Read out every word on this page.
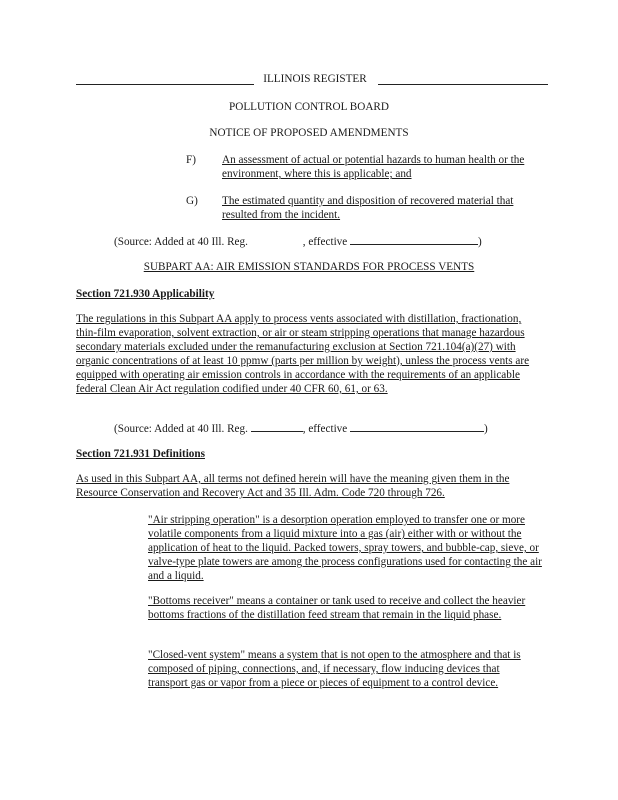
ILLINOIS REGISTER
POLLUTION CONTROL BOARD
NOTICE OF PROPOSED AMENDMENTS
F) An assessment of actual or potential hazards to human health or the environment, where this is applicable; and
G) The estimated quantity and disposition of recovered material that resulted from the incident.
(Source: Added at 40 Ill. Reg.	, effective	)
SUBPART AA: AIR EMISSION STANDARDS FOR PROCESS VENTS
Section 721.930 Applicability
The regulations in this Subpart AA apply to process vents associated with distillation, fractionation, thin-film evaporation, solvent extraction, or air or steam stripping operations that manage hazardous secondary materials excluded under the remanufacturing exclusion at Section 721.104(a)(27) with organic concentrations of at least 10 ppmw (parts per million by weight), unless the process vents are equipped with operating air emission controls in accordance with the requirements of an applicable federal Clean Air Act regulation codified under 40 CFR 60, 61, or 63.
(Source: Added at 40 Ill. Reg.	, effective	)
Section 721.931 Definitions
As used in this Subpart AA, all terms not defined herein will have the meaning given them in the Resource Conservation and Recovery Act and 35 Ill. Adm. Code 720 through 726.
"Air stripping operation" is a desorption operation employed to transfer one or more volatile components from a liquid mixture into a gas (air) either with or without the application of heat to the liquid. Packed towers, spray towers, and bubble-cap, sieve, or valve-type plate towers are among the process configurations used for contacting the air and a liquid.
"Bottoms receiver" means a container or tank used to receive and collect the heavier bottoms fractions of the distillation feed stream that remain in the liquid phase.
"Closed-vent system" means a system that is not open to the atmosphere and that is composed of piping, connections, and, if necessary, flow inducing devices that transport gas or vapor from a piece or pieces of equipment to a control device.
